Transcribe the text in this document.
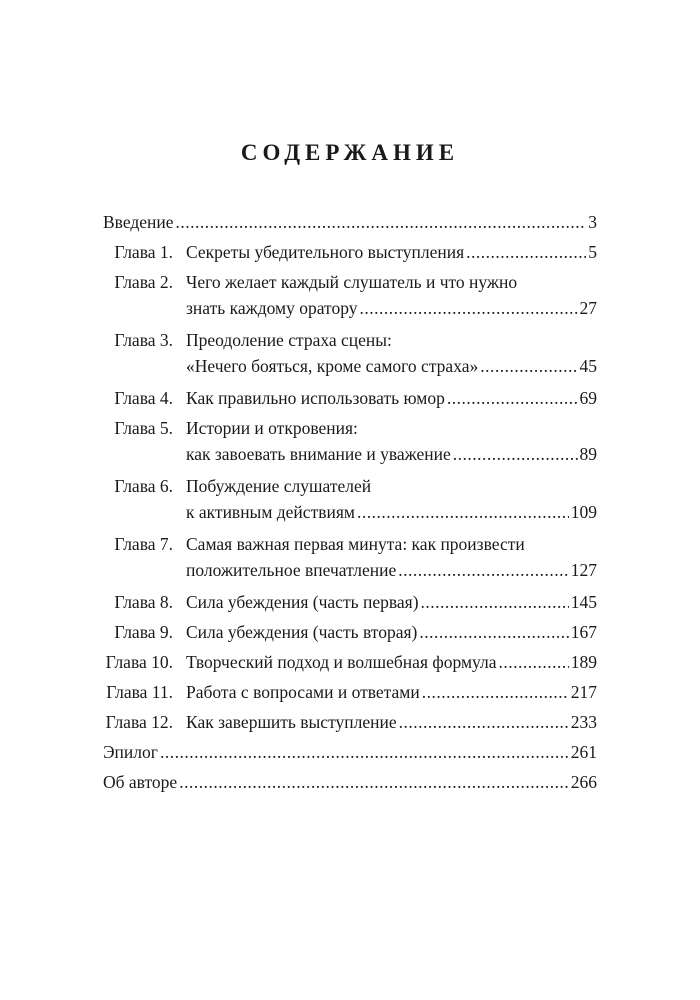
СОДЕРЖАНИЕ
Введение .....	3
Глава 1. Секреты убедительного выступления .....	5
Глава 2. Чего желает каждый слушатель и что нужно
знать каждому оратору .....	27
Глава 3. Преодоление страха сцены:
«Нечего бояться, кроме самого страха» .....	45
Глава 4. Как правильно использовать юмор .....	69
Глава 5. Истории и откровения:
как завоевать внимание и уважение .....	89
Глава 6. Побуждение слушателей
к активным действиям .....	109
Глава 7. Самая важная первая минута: как произвести
положительное впечатление .....	127
Глава 8. Сила убеждения (часть первая) .....	145
Глава 9. Сила убеждения (часть вторая) .....	167
Глава 10. Творческий подход и волшебная формула .....	189
Глава 11. Работа с вопросами и ответами .....	217
Глава 12. Как завершить выступление .....	233
Эпилог .....	261
Об авторе .....	266
